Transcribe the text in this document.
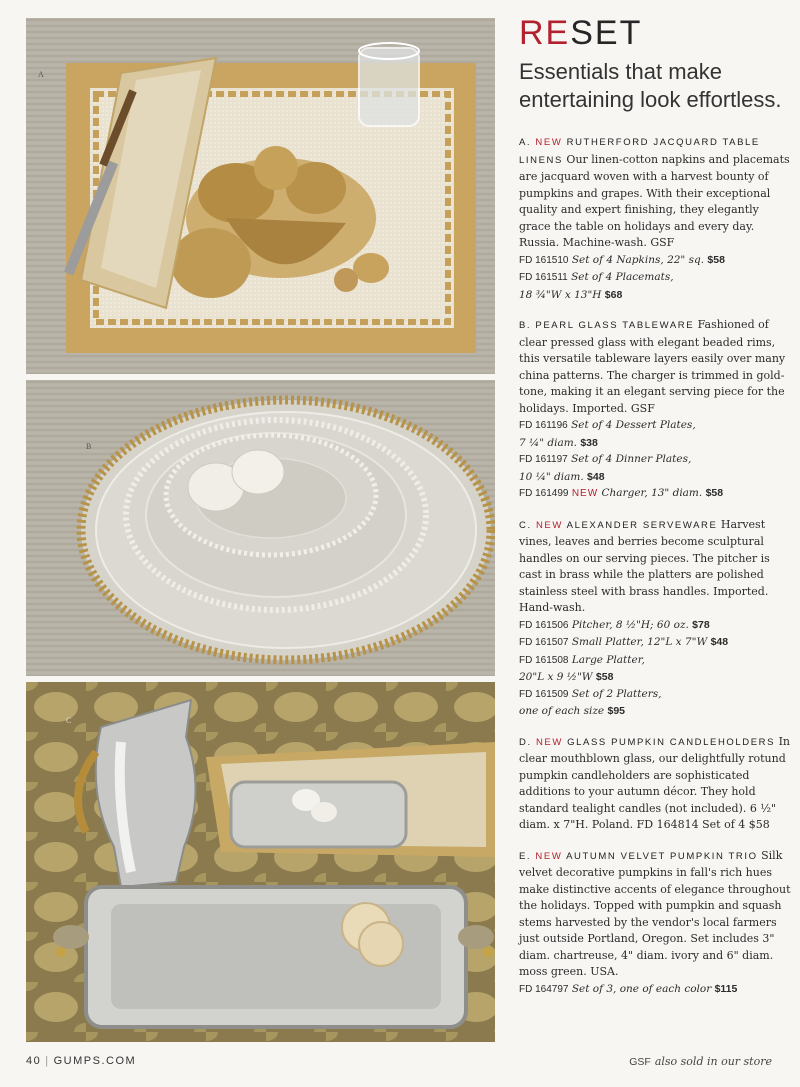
A
B
C
RESET
Essentials that make entertaining look effortless.

A. NEW RUTHERFORD JACQUARD TABLE LINENS Our linen-cotton napkins and placemats are jacquard woven with a harvest bounty of pumpkins and grapes. With their exceptional quality and expert finishing, they elegantly grace the table on holidays and every day. Russia. Machine-wash. GSF

FD 161510 Set of 4 Napkins, 22" sq. $58
FD 161511 Set of 4 Placemats,
18 ¾"W x 13"H $68

B. PEARL GLASS TABLEWARE Fashioned of clear pressed glass with elegant beaded rims, this versatile tableware layers easily over many china patterns. The charger is trimmed in gold-tone, making it an elegant serving piece for the holidays. Imported. GSF

FD 161196 Set of 4 Dessert Plates,
7 ¼" diam. $38
FD 161197 Set of 4 Dinner Plates,
10 ¼" diam. $48
FD 161499 NEW Charger, 13" diam. $58

C. NEW ALEXANDER SERVEWARE Harvest vines, leaves and berries become sculptural handles on our serving pieces. The pitcher is cast in brass while the platters are polished stainless steel with brass handles. Imported. Hand-wash.

FD 161506 Pitcher, 8 ½"H; 60 oz. $78
FD 161507 Small Platter, 12"L x 7"W $48
FD 161508 Large Platter,
20"L x 9 ½"W $58
FD 161509 Set of 2 Platters,
one of each size $95

D. NEW GLASS PUMPKIN CANDLEHOLDERS In clear mouthblown glass, our delightfully rotund pumpkin candleholders are sophisticated additions to your autumn décor. They hold standard tealight candles (not included). 6 ½" diam. x 7"H. Poland. FD 164814 Set of 4 $58

E. NEW AUTUMN VELVET PUMPKIN TRIO Silk velvet decorative pumpkins in fall's rich hues make distinctive accents of elegance throughout the holidays. Topped with pumpkin and squash stems harvested by the vendor's local farmers just outside Portland, Oregon. Set includes 3" diam. chartreuse, 4" diam. ivory and 6" diam. moss green. USA.

FD 164797 Set of 3, one of each color $115
40 | GUMPS.COM	GSF also sold in our store
